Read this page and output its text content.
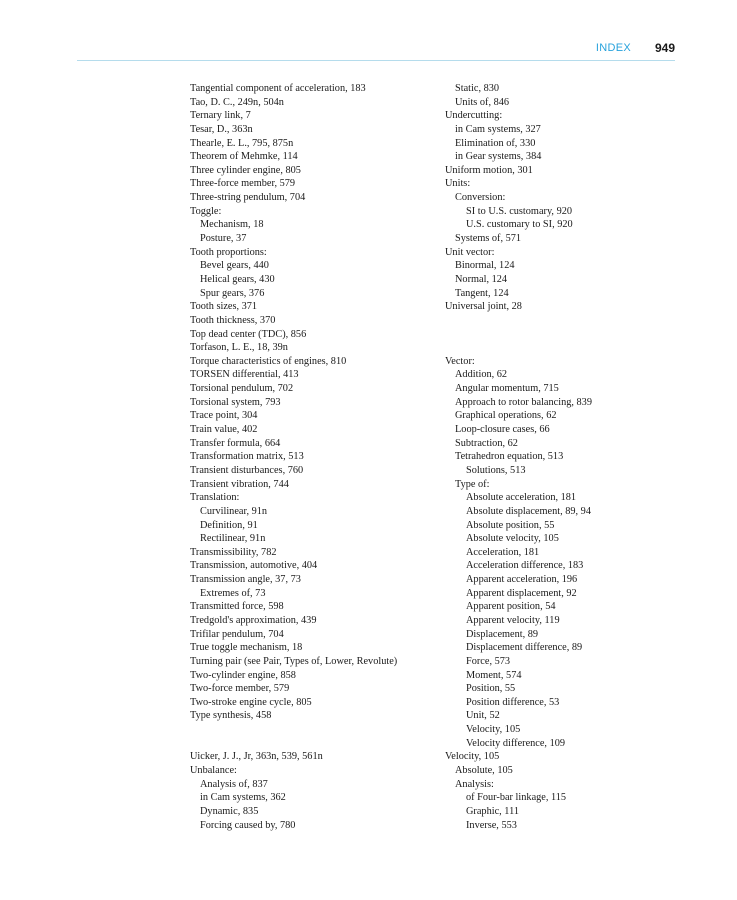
INDEX 949
Tangential component of acceleration, 183
Tao, D. C., 249n, 504n
Ternary link, 7
Tesar, D., 363n
Thearle, E. L., 795, 875n
Theorem of Mehmke, 114
Three cylinder engine, 805
Three-force member, 579
Three-string pendulum, 704
Toggle:
Mechanism, 18
Posture, 37
Tooth proportions:
Bevel gears, 440
Helical gears, 430
Spur gears, 376
Tooth sizes, 371
Tooth thickness, 370
Top dead center (TDC), 856
Torfason, L. E., 18, 39n
Torque characteristics of engines, 810
TORSEN differential, 413
Torsional pendulum, 702
Torsional system, 793
Trace point, 304
Train value, 402
Transfer formula, 664
Transformation matrix, 513
Transient disturbances, 760
Transient vibration, 744
Translation:
Curvilinear, 91n
Definition, 91
Rectilinear, 91n
Transmissibility, 782
Transmission, automotive, 404
Transmission angle, 37, 73
Extremes of, 73
Transmitted force, 598
Tredgold's approximation, 439
Trifilar pendulum, 704
True toggle mechanism, 18
Turning pair (see Pair, Types of, Lower, Revolute)
Two-cylinder engine, 858
Two-force member, 579
Two-stroke engine cycle, 805
Type synthesis, 458
Uicker, J. J., Jr, 363n, 539, 561n
Unbalance:
Analysis of, 837
in Cam systems, 362
Dynamic, 835
Forcing caused by, 780
Static, 830
Units of, 846
Undercutting:
in Cam systems, 327
Elimination of, 330
in Gear systems, 384
Uniform motion, 301
Units:
Conversion:
SI to U.S. customary, 920
U.S. customary to SI, 920
Systems of, 571
Unit vector:
Binormal, 124
Normal, 124
Tangent, 124
Universal joint, 28
Vector:
Addition, 62
Angular momentum, 715
Approach to rotor balancing, 839
Graphical operations, 62
Loop-closure cases, 66
Subtraction, 62
Tetrahedron equation, 513
Solutions, 513
Type of:
Absolute acceleration, 181
Absolute displacement, 89, 94
Absolute position, 55
Absolute velocity, 105
Acceleration, 181
Acceleration difference, 183
Apparent acceleration, 196
Apparent displacement, 92
Apparent position, 54
Apparent velocity, 119
Displacement, 89
Displacement difference, 89
Force, 573
Moment, 574
Position, 55
Position difference, 53
Unit, 52
Velocity, 105
Velocity difference, 109
Velocity, 105
Absolute, 105
Analysis:
of Four-bar linkage, 115
Graphic, 111
Inverse, 553
